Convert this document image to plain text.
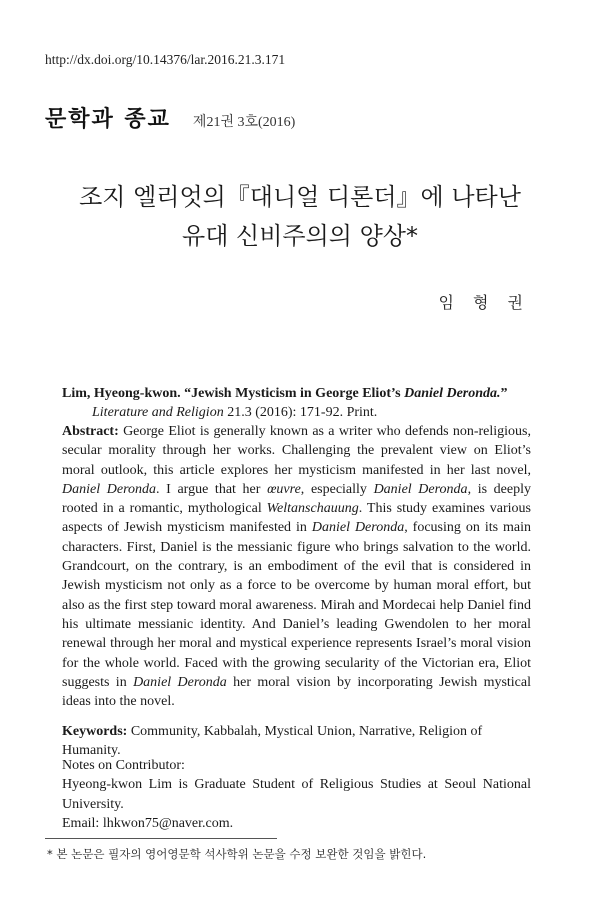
http://dx.doi.org/10.14376/lar.2016.21.3.171
문학과 종교 제21권 3호(2016)
조지 엘리엇의『대니얼 디론더』에 나타난
유대 신비주의의 양상*
임 형 권
Lim, Hyeong-kwon. “Jewish Mysticism in George Eliot’s Daniel Deronda.”
Literature and Religion 21.3 (2016): 171-92. Print.
Abstract: George Eliot is generally known as a writer who defends non-religious, secular morality through her works. Challenging the prevalent view on Eliot’s moral outlook, this article explores her mysticism manifested in her last novel, Daniel Deronda. I argue that her œuvre, especially Daniel Deronda, is deeply rooted in a romantic, mythological Weltanschauung. This study examines various aspects of Jewish mysticism manifested in Daniel Deronda, focusing on its main characters. First, Daniel is the messianic figure who brings salvation to the world. Grandcourt, on the contrary, is an embodiment of the evil that is considered in Jewish mysticism not only as a force to be overcome by human moral effort, but also as the first step toward moral awareness. Mirah and Mordecai help Daniel find his ultimate messianic identity. And Daniel’s leading Gwendolen to her moral renewal through her moral and mystical experience represents Israel’s moral vision for the whole world. Faced with the growing secularity of the Victorian era, Eliot suggests in Daniel Deronda her moral vision by incorporating Jewish mystical ideas into the novel.
Keywords: Community, Kabbalah, Mystical Union, Narrative, Religion of Humanity.
Notes on Contributor:
Hyeong-kwon Lim is Graduate Student of Religious Studies at Seoul National University.
Email: lhkwon75@naver.com.
* 본 논문은 필자의 영어영문학 석사학위 논문을 수정 보완한 것임을 밝힌다.
